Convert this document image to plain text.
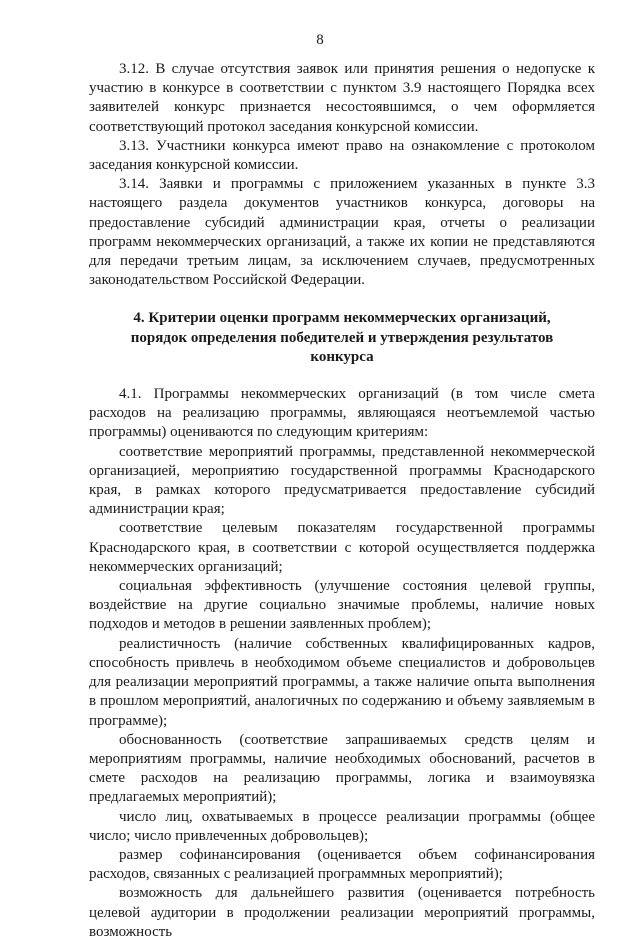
8

3.12. В случае отсутствия заявок или принятия решения о недопуске к участию в конкурсе в соответствии с пунктом 3.9 настоящего Порядка всех заявителей конкурс признается несостоявшимся, о чем оформляется соответствующий протокол заседания конкурсной комиссии.

3.13. Участники конкурса имеют право на ознакомление с протоколом заседания конкурсной комиссии.

3.14. Заявки и программы с приложением указанных в пункте 3.3 настоящего раздела документов участников конкурса, договоры на предоставление субсидий администрации края, отчеты о реализации программ некоммерческих организаций, а также их копии не представляются для передачи третьим лицам, за исключением случаев, предусмотренных законодательством Российской Федерации.

4. Критерии оценки программ некоммерческих организаций,
порядок определения победителей и утверждения результатов
конкурса

4.1. Программы некоммерческих организаций (в том числе смета расходов на реализацию программы, являющаяся неотъемлемой частью программы) оцениваются по следующим критериям:

соответствие мероприятий программы, представленной некоммерческой организацией, мероприятию государственной программы Краснодарского края, в рамках которого предусматривается предоставление субсидий администрации края;

соответствие целевым показателям государственной программы Краснодарского края, в соответствии с которой осуществляется поддержка некоммерческих организаций;

социальная эффективность (улучшение состояния целевой группы, воздействие на другие социально значимые проблемы, наличие новых подходов и методов в решении заявленных проблем);

реалистичность (наличие собственных квалифицированных кадров, способность привлечь в необходимом объеме специалистов и добровольцев для реализации мероприятий программы, а также наличие опыта выполнения в прошлом мероприятий, аналогичных по содержанию и объему заявляемым в программе);

обоснованность (соответствие запрашиваемых средств целям и мероприятиям программы, наличие необходимых обоснований, расчетов в смете расходов на реализацию программы, логика и взаимоувязка предлагаемых мероприятий);

число лиц, охватываемых в процессе реализации программы (общее число; число привлеченных добровольцев);

размер софинансирования (оценивается объем софинансирования расходов, связанных с реализацией программных мероприятий);

возможность для дальнейшего развития (оценивается потребность целевой аудитории в продолжении реализации мероприятий программы, возможность
